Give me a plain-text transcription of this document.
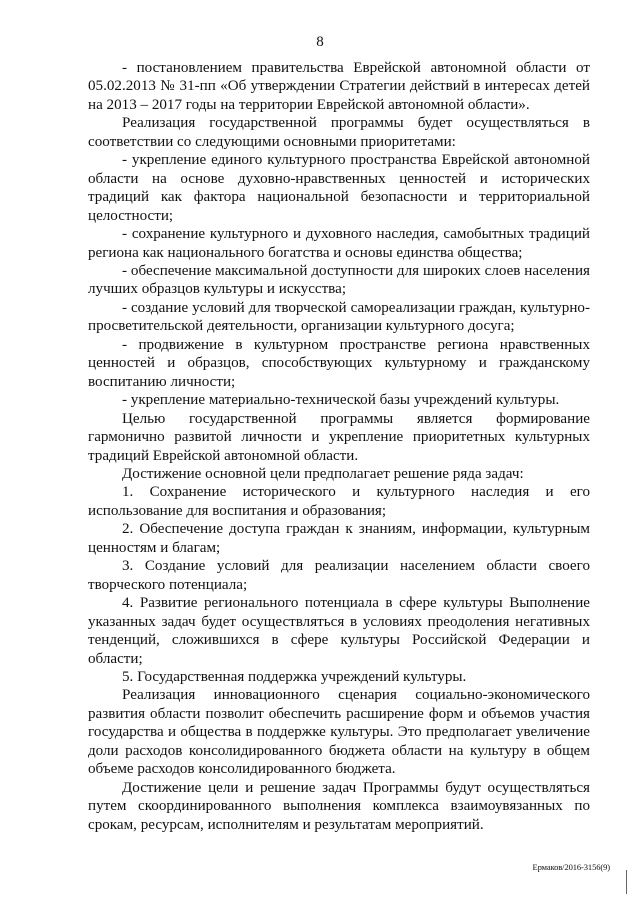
8

- постановлением правительства Еврейской автономной области от 05.02.2013 № 31-пп «Об утверждении Стратегии действий в интересах детей на 2013 – 2017 годы на территории Еврейской автономной области».

Реализация государственной программы будет осуществляться в соответствии со следующими основными приоритетами:

- укрепление единого культурного пространства Еврейской автономной области на основе духовно-нравственных ценностей и исторических традиций как фактора национальной безопасности и территориальной целостности;

- сохранение культурного и духовного наследия, самобытных традиций региона как национального богатства и основы единства общества;

- обеспечение максимальной доступности для широких слоев населения лучших образцов культуры и искусства;

- создание условий для творческой самореализации граждан, культурно-просветительской деятельности, организации культурного досуга;

- продвижение в культурном пространстве региона нравственных ценностей и образцов, способствующих культурному и гражданскому воспитанию личности;

- укрепление материально-технической базы учреждений культуры.

Целью государственной программы является формирование гармонично развитой личности и укрепление приоритетных культурных традиций Еврейской автономной области.

Достижение основной цели предполагает решение ряда задач:

1. Сохранение исторического и культурного наследия и его использование для воспитания и образования;

2. Обеспечение доступа граждан к знаниям, информации, культурным ценностям и благам;

3. Создание условий для реализации населением области своего творческого потенциала;

4. Развитие регионального потенциала в сфере культуры Выполнение указанных задач будет осуществляться в условиях преодоления негативных тенденций, сложившихся в сфере культуры Российской Федерации и области;

5. Государственная поддержка учреждений культуры.

Реализация инновационного сценария социально-экономического развития области позволит обеспечить расширение форм и объемов участия государства и общества в поддержке культуры. Это предполагает увеличение доли расходов консолидированного бюджета области на культуру в общем объеме расходов консолидированного бюджета.

Достижение цели и решение задач Программы будут осуществляться путем скоординированного выполнения комплекса взаимоувязанных по срокам, ресурсам, исполнителям и результатам мероприятий.

Ермаков/2016-3156(9)
